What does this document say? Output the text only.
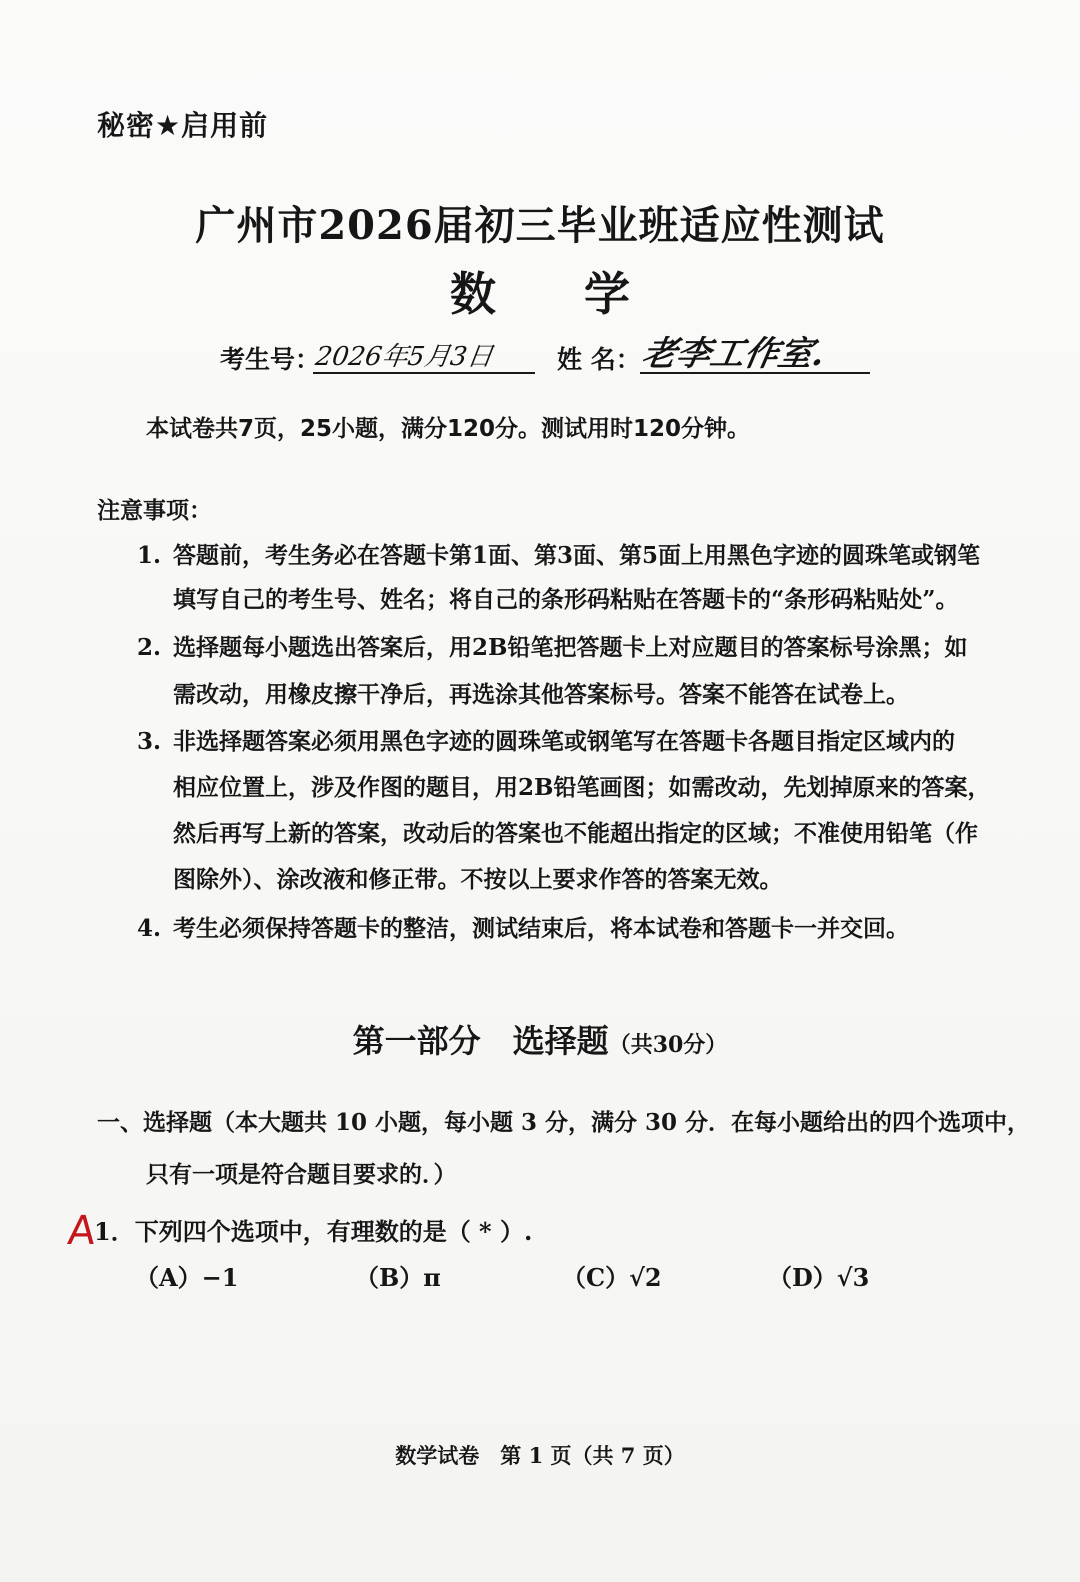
秘密★启用前
广州市2026届初三毕业班适应性测试
数 学
考生号：
2026年5月3日 姓 名：
老李工作室.
本试卷共7页，25小题，满分120分。测试用时120分钟。
注意事项：
1. 答题前，考生务必在答题卡第1面、第3面、第5面上用黑色字迹的圆珠笔或钢笔
填写自己的考生号、姓名；将自己的条形码粘贴在答题卡的“条形码粘贴处”。
2. 选择题每小题选出答案后，用2B铅笔把答题卡上对应题目的答案标号涂黑；如
需改动，用橡皮擦干净后，再选涂其他答案标号。答案不能答在试卷上。
3. 非选择题答案必须用黑色字迹的圆珠笔或钢笔写在答题卡各题目指定区域内的
相应位置上，涉及作图的题目，用2B铅笔画图；如需改动，先划掉原来的答案，
然后再写上新的答案，改动后的答案也不能超出指定的区域；不准使用铅笔（作
图除外）、涂改液和修正带。不按以上要求作答的答案无效。
4. 考生必须保持答题卡的整洁，测试结束后，将本试卷和答题卡一并交回。
第一部分　选择题（共30分）
一、选择题（本大题共 10 小题，每小题 3 分，满分 30 分．在每小题给出的四个选项中，
只有一项是符合题目要求的．）
A
1．下列四个选项中，有理数的是（ * ）.
（A）−1	（B）π	（C）√2	（D）√3
数学试卷　第 1 页（共 7 页）
